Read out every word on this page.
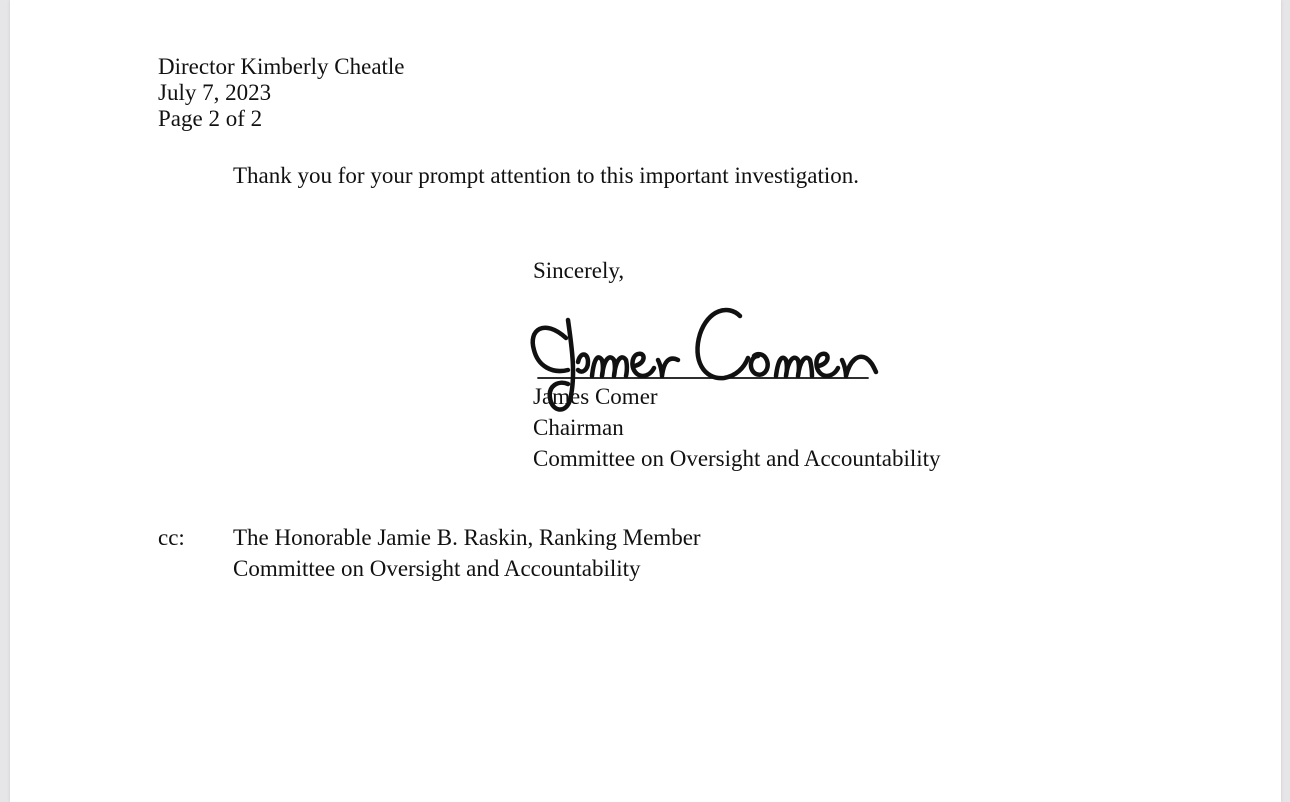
Director Kimberly Cheatle
July 7, 2023
Page 2 of 2
Thank you for your prompt attention to this important investigation.
Sincerely,
James Comer
Chairman
Committee on Oversight and Accountability
cc: The Honorable Jamie B. Raskin, Ranking Member
Committee on Oversight and Accountability
